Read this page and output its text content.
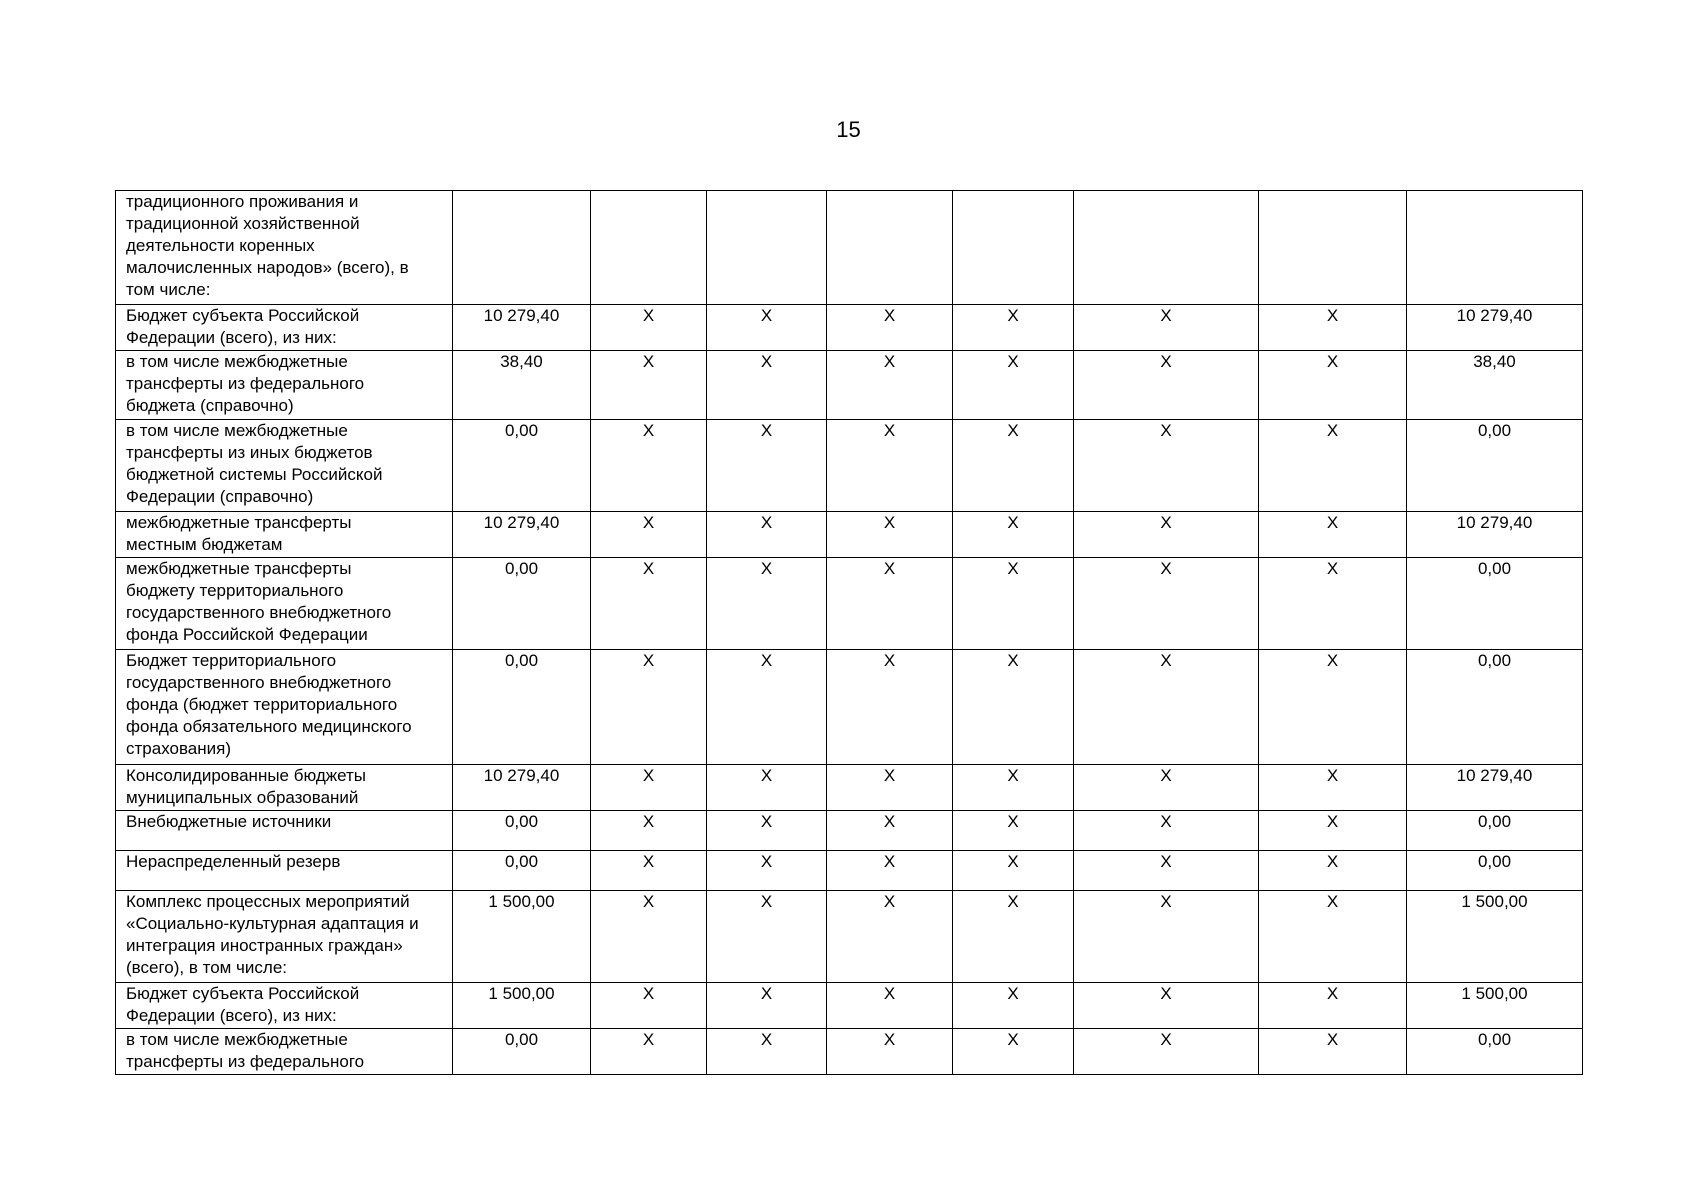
15
традиционного проживания и
традиционной хозяйственной
деятельности коренных
малочисленных народов» (всего), в
том числе:								
Бюджет субъекта Российской
Федерации (всего), из них:	10 279,40	X	X	X	X	X	X	10 279,40
в том числе межбюджетные
трансферты из федерального
бюджета (справочно)	38,40	X	X	X	X	X	X	38,40
в том числе межбюджетные
трансферты из иных бюджетов
бюджетной системы Российской
Федерации (справочно)	0,00	X	X	X	X	X	X	0,00
межбюджетные трансферты
местным бюджетам	10 279,40	X	X	X	X	X	X	10 279,40
межбюджетные трансферты
бюджету территориального
государственного внебюджетного
фонда Российской Федерации	0,00	X	X	X	X	X	X	0,00
Бюджет территориального
государственного внебюджетного
фонда (бюджет территориального
фонда обязательного медицинского
страхования)	0,00	X	X	X	X	X	X	0,00
Консолидированные бюджеты
муниципальных образований	10 279,40	X	X	X	X	X	X	10 279,40
Внебюджетные источники	0,00	X	X	X	X	X	X	0,00
Нераспределенный резерв	0,00	X	X	X	X	X	X	0,00
Комплекс процессных мероприятий
«Социально-культурная адаптация и
интеграция иностранных граждан»
(всего), в том числе:	1 500,00	X	X	X	X	X	X	1 500,00
Бюджет субъекта Российской
Федерации (всего), из них:	1 500,00	X	X	X	X	X	X	1 500,00
в том числе межбюджетные
трансферты из федерального	0,00	X	X	X	X	X	X	0,00
